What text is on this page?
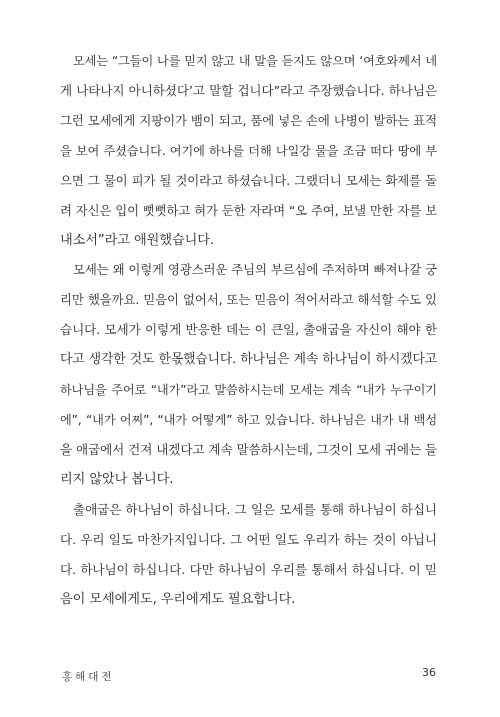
모세는 “그들이 나를 믿지 않고 내 말을 듣지도 않으며 ‘여호와께서 네
게 나타나지 아니하셨다’고 말할 겁니다”라고 주장했습니다. 하나님은
그런 모세에게 지팡이가 뱀이 되고, 품에 넣은 손에 나병이 발하는 표적
을 보여 주셨습니다. 여기에 하나를 더해 나일강 물을 조금 떠다 땅에 부
으면 그 물이 피가 될 것이라고 하셨습니다. 그랬더니 모세는 화제를 돌
려 자신은 입이 뻣뻣하고 혀가 둔한 자라며 “오 주여, 보낼 만한 자를 보
내소서”라고 애원했습니다.
모세는 왜 이렇게 영광스러운 주님의 부르심에 주저하며 빠져나갈 궁
리만 했을까요. 믿음이 없어서, 또는 믿음이 적어서라고 해석할 수도 있
습니다. 모세가 이렇게 반응한 데는 이 큰일, 출애굽을 자신이 해야 한
다고 생각한 것도 한몫했습니다. 하나님은 계속 하나님이 하시겠다고
하나님을 주어로 “내가”라고 말씀하시는데 모세는 계속 “내가 누구이기
에”, “내가 어찌”, “내가 어떻게” 하고 있습니다. 하나님은 내가 내 백성
을 애굽에서 건져 내겠다고 계속 말씀하시는데, 그것이 모세 귀에는 들
리지 않았나 봅니다.
출애굽은 하나님이 하십니다. 그 일은 모세를 통해 하나님이 하십니
다. 우리 일도 마찬가지입니다. 그 어떤 일도 우리가 하는 것이 아닙니
다. 하나님이 하십니다. 다만 하나님이 우리를 통해서 하십니다. 이 믿
음이 모세에게도, 우리에게도 필요합니다.

홍해대전	36
